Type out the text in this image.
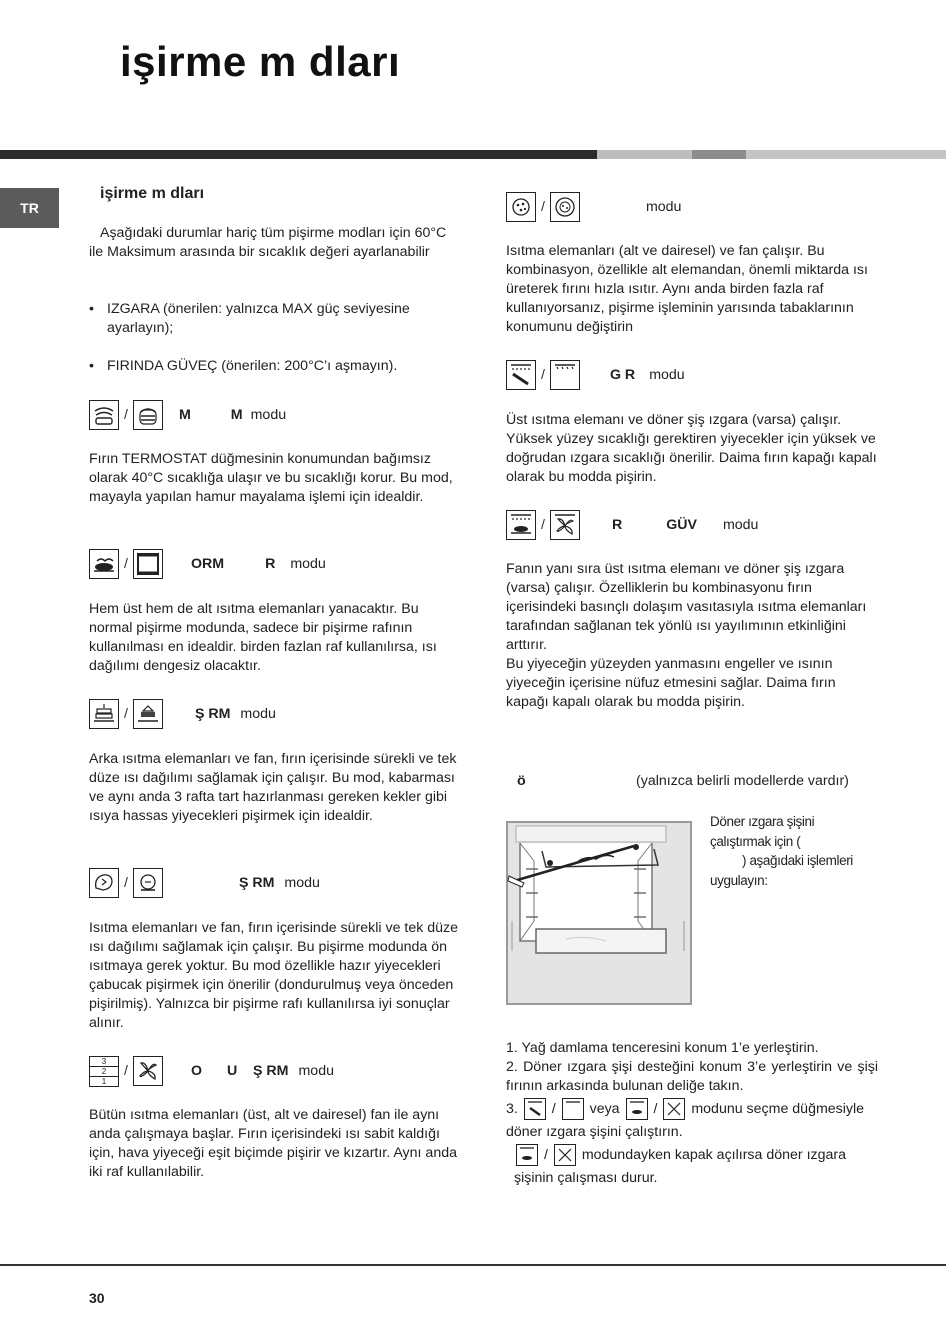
işirme m dları
TR
işirme m dları

Aşağıdaki durumlar hariç tüm pişirme modları için 60°C ile Maksimum arasında bir sıcaklık değeri ayarlanabilir

• IZGARA (önerilen: yalnızca MAX güç seviyesine ayarlayın);
• FIRINDA GÜVEÇ (önerilen: 200°C’ı aşmayın).
/	M	M modu

Fırın TERMOSTAT düğmesinin konumundan bağımsız olarak 40°C sıcaklığa ulaşır ve bu sıcaklığı korur. Bu mod, mayayla yapılan hamur mayalama işlemi için idealdir.

/	ORM	R modu

Hem üst hem de alt ısıtma elemanları yanacaktır. Bu normal pişirme modunda, sadece bir pişirme rafının kullanılması en idealdir. birden fazlan raf kullanılırsa, ısı dağılımı dengesiz olacaktır.

/	Ş RM modu

Arka ısıtma elemanları ve fan, fırın içerisinde sürekli ve tek düze ısı dağılımı sağlamak için çalışır. Bu mod, kabarması ve aynı anda 3 rafta tart hazırlanması gereken kekler gibi ısıya hassas yiyecekleri pişirmek için idealdir.

/	Ş RM modu

Isıtma elemanları ve fan, fırın içerisinde sürekli ve tek düze ısı dağılımı sağlamak için çalışır. Bu pişirme modunda ön ısıtmaya gerek yoktur. Bu mod özellikle hazır yiyecekleri çabucak pişirmek için önerilir (dondurulmuş veya önceden pişirilmiş). Yalnızca bir pişirme rafı kullanılırsa iyi sonuçlar alınır.

3
2
1
/	O U    Ş RM modu

Bütün ısıtma elemanları (üst, alt ve dairesel) fan ile aynı anda çalışmaya başlar. Fırın içerisindeki ısı sabit kaldığı için, hava yiyeceği eşit biçimde pişirir ve kızartır. Aynı anda iki raf kullanılabilir.

/	modu

Isıtma elemanları (alt ve dairesel) ve fan çalışır. Bu kombinasyon, özellikle alt elemandan, önemli miktarda ısı üreterek fırını hızla ısıtır. Aynı anda birden fazla raf kullanıyorsanız, pişirme işleminin yarısında tabaklarının konumunu değiştirin

/	G R modu

Üst ısıtma elemanı ve döner şiş ızgara (varsa) çalışır. Yüksek yüzey sıcaklığı gerektiren yiyecekler için yüksek ve doğrudan ızgara sıcaklığı önerilir. Daima fırın kapağı kapalı olarak bu modda pişirin.

/	R	GÜV modu

Fanın yanı sıra üst ısıtma elemanı ve döner şiş ızgara (varsa) çalışır. Özelliklerin bu kombinasyonu fırın içerisindeki basınçlı dolaşım vasıtasıyla ısıtma elemanları tarafından sağlanan tek yönlü ısı yayılımının etkinliğini arttırır.

Bu yiyeceğin yüzeyden yanmasını engeller ve ısının yiyeceğin içerisine nüfuz etmesini sağlar. Daima fırın kapağı kapalı olarak bu modda pişirin.

ö	(yalnızca belirli modellerde vardır)
Döner ızgara şişini
çalıştırmak için (
) aşağıdaki işlemleri
uygulayın:

1. Yağ damlama tenceresini konum 1’e yerleştirin.

2. Döner ızgara şişi desteğini konum 3’e yerleştirin ve şişi fırının arkasında bulunan deliğe takın.

3. / veya / modunu seçme düğmesiyle döner ızgara şişini çalıştırın.
/ modundayken kapak açılırsa döner ızgara şişinin çalışması durur.

30
